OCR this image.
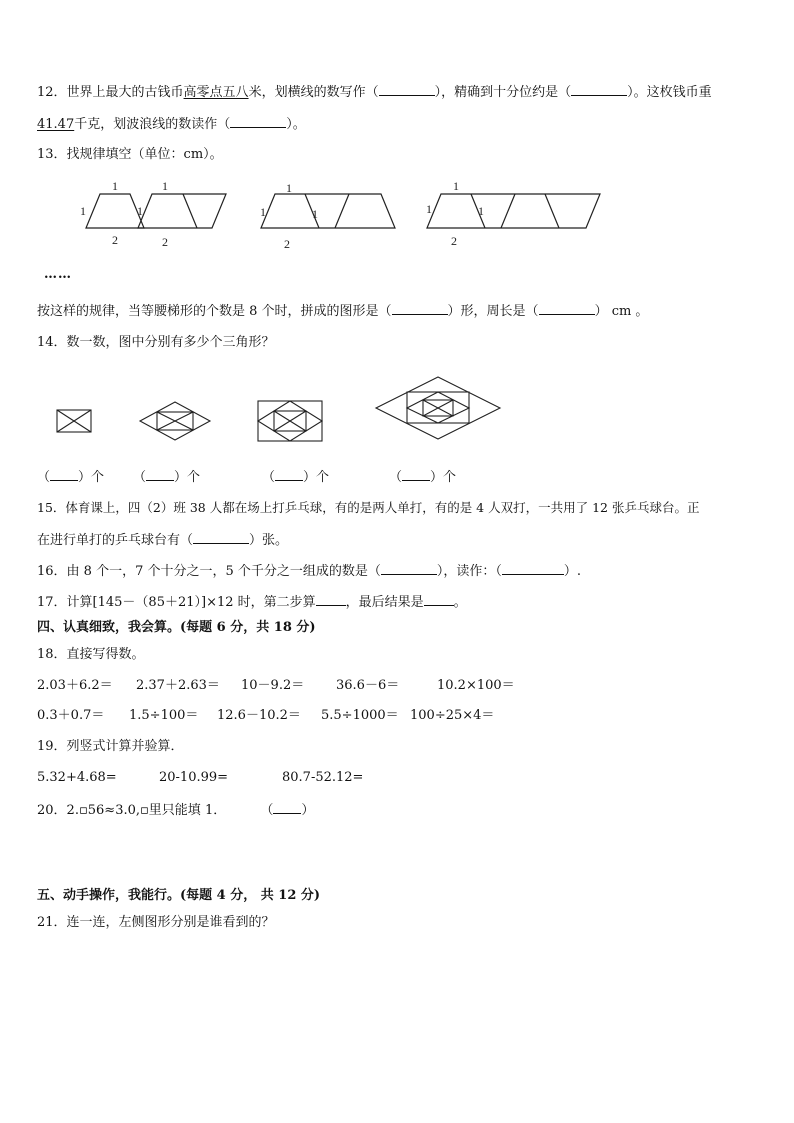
12．世界上最大的古钱币高零点五八米，划横线的数写作（	），精确到十分位约是（	）。这枚钱币重
41.47千克，划波浪线的数读作（	）。
13．找规律填空（单位：cm）。
1
1
2
1
1
2
1
1	1
2
1
1	1
2
……
按这样的规律，当等腰梯形的个数是 8 个时，拼成的图形是（	）形，周长是（	） cm 。
14．数一数，图中分别有多少个三角形？
（ ）个 （ ）个	（ ）个	（ ）个
15．体育课上，四（2）班 38 人都在场上打乒乓球，有的是两人单打，有的是 4 人双打，一共用了 12 张乒乓球台。正
在进行单打的乒乓球台有（	）张。
16．由 8 个一，7 个十分之一，5 个千分之一组成的数是（	），读作：（	）.
17．计算[145－（85＋21）]×12 时，第二步算 ，最后结果是 。
四、认真细致，我会算。(每题 6 分，共 18 分)
18．直接写得数。
2.03＋6.2＝ 2.37＋2.63＝ 10－9.2＝ 36.6－6＝	10.2×100＝
0.3＋0.7＝ 1.5÷100＝ 12.6－10.2＝ 5.5÷1000＝ 100÷25×4＝
19．列竖式计算并验算．
5.32+4.68=	20-10.99=	80.7-52.12=
20．2.▫56≈3.0,▫里只能填 1．	（ ）
五、动手操作，我能行。(每题 4 分， 共 12 分)
21．连一连，左侧图形分别是谁看到的？
